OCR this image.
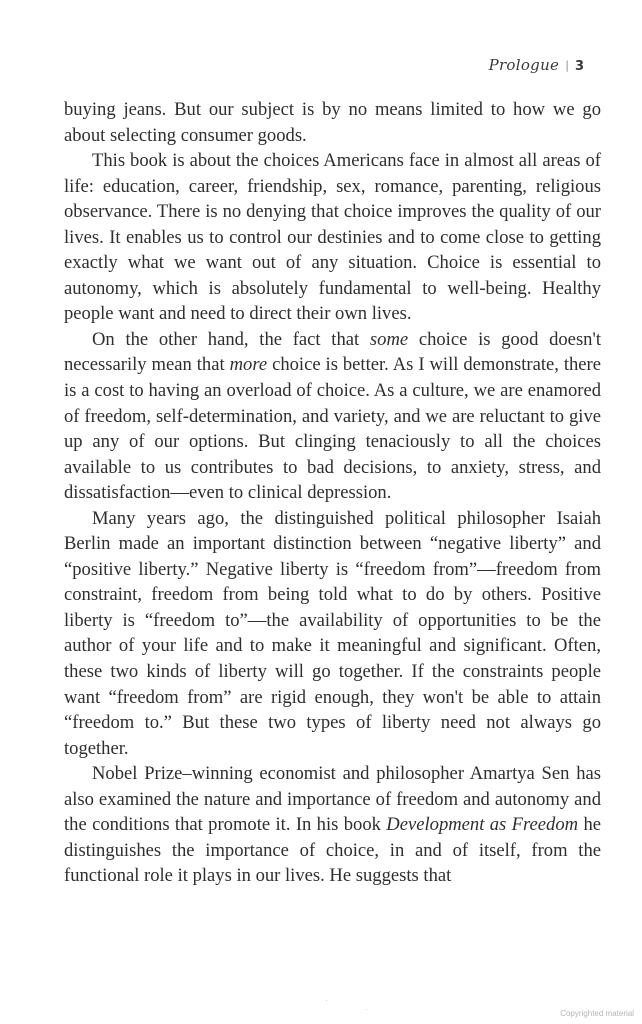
Prologue | 3

buying jeans. But our subject is by no means limited to how we go about selecting consumer goods.

This book is about the choices Americans face in almost all areas of life: education, career, friendship, sex, romance, parenting, religious observance. There is no denying that choice improves the quality of our lives. It enables us to control our destinies and to come close to getting exactly what we want out of any situation. Choice is essential to autonomy, which is absolutely fundamental to well-being. Healthy people want and need to direct their own lives.

On the other hand, the fact that some choice is good doesn't necessarily mean that more choice is better. As I will demonstrate, there is a cost to having an overload of choice. As a culture, we are enamored of freedom, self-determination, and variety, and we are reluctant to give up any of our options. But clinging tenaciously to all the choices available to us contributes to bad decisions, to anxiety, stress, and dissatisfaction—even to clinical depression.

Many years ago, the distinguished political philosopher Isaiah Berlin made an important distinction between “negative liberty” and “positive liberty.” Negative liberty is “freedom from”—freedom from constraint, freedom from being told what to do by others. Positive liberty is “freedom to”—the availability of opportunities to be the author of your life and to make it meaningful and significant. Often, these two kinds of liberty will go together. If the constraints people want “freedom from” are rigid enough, they won't be able to attain “freedom to.” But these two types of liberty need not always go together.

Nobel Prize–winning economist and philosopher Amartya Sen has also examined the nature and importance of freedom and autonomy and the conditions that promote it. In his book Development as Freedom he distinguishes the importance of choice, in and of itself, from the functional role it plays in our lives. He suggests that

Copyrighted material
